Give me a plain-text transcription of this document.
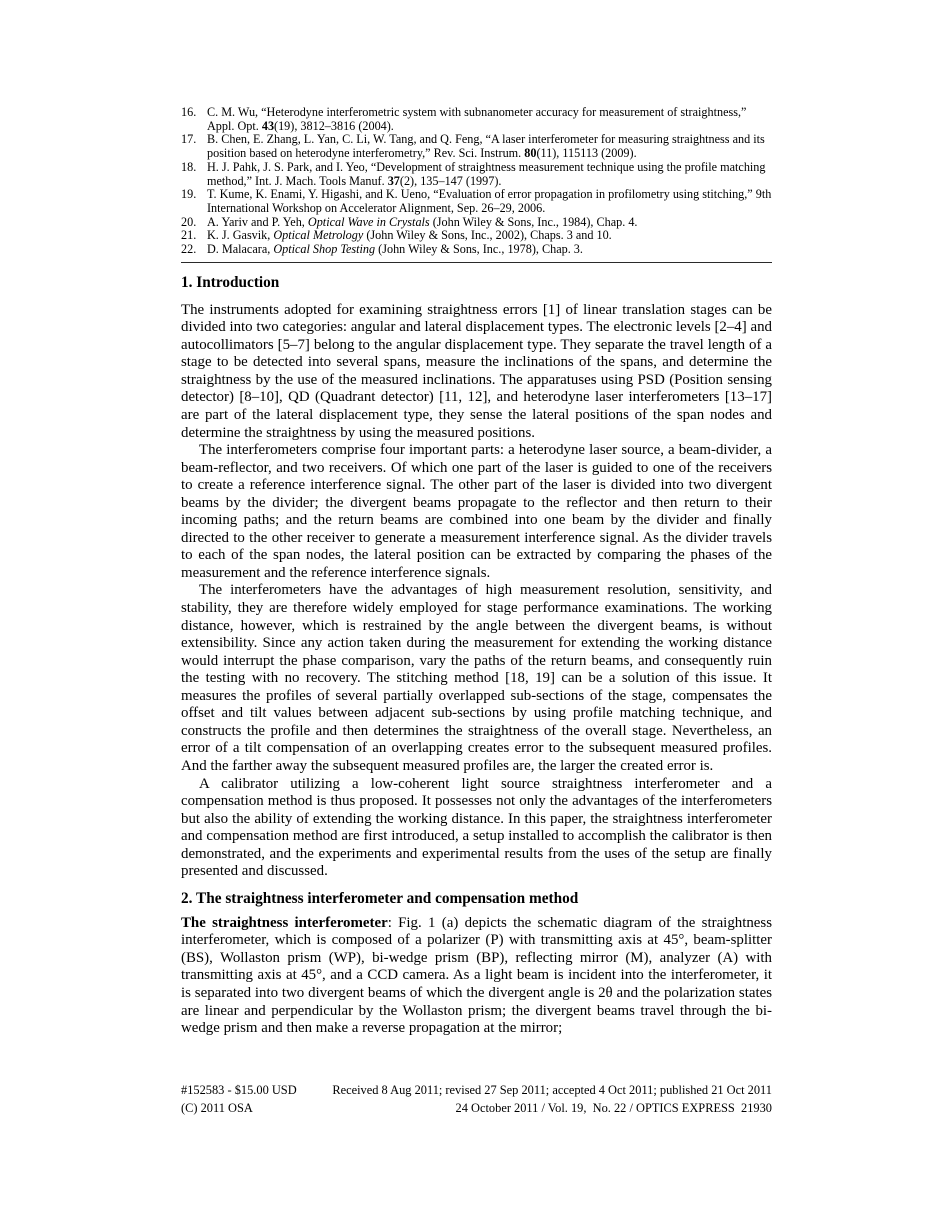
16. C. M. Wu, “Heterodyne interferometric system with subnanometer accuracy for measurement of straightness,” Appl. Opt. 43(19), 3812–3816 (2004).
17. B. Chen, E. Zhang, L. Yan, C. Li, W. Tang, and Q. Feng, “A laser interferometer for measuring straightness and its position based on heterodyne interferometry,” Rev. Sci. Instrum. 80(11), 115113 (2009).
18. H. J. Pahk, J. S. Park, and I. Yeo, “Development of straightness measurement technique using the profile matching method,” Int. J. Mach. Tools Manuf. 37(2), 135–147 (1997).
19. T. Kume, K. Enami, Y. Higashi, and K. Ueno, “Evaluation of error propagation in profilometry using stitching,” 9th International Workshop on Accelerator Alignment, Sep. 26–29, 2006.
20. A. Yariv and P. Yeh, Optical Wave in Crystals (John Wiley & Sons, Inc., 1984), Chap. 4.
21. K. J. Gasvik, Optical Metrology (John Wiley & Sons, Inc., 2002), Chaps. 3 and 10.
22. D. Malacara, Optical Shop Testing (John Wiley & Sons, Inc., 1978), Chap. 3.
1. Introduction

The instruments adopted for examining straightness errors [1] of linear translation stages can be divided into two categories: angular and lateral displacement types. The electronic levels [2–4] and autocollimators [5–7] belong to the angular displacement type. They separate the travel length of a stage to be detected into several spans, measure the inclinations of the spans, and determine the straightness by the use of the measured inclinations. The apparatuses using PSD (Position sensing detector) [8–10], QD (Quadrant detector) [11, 12], and heterodyne laser interferometers [13–17] are part of the lateral displacement type, they sense the lateral positions of the span nodes and determine the straightness by using the measured positions.

The interferometers comprise four important parts: a heterodyne laser source, a beam-divider, a beam-reflector, and two receivers. Of which one part of the laser is guided to one of the receivers to create a reference interference signal. The other part of the laser is divided into two divergent beams by the divider; the divergent beams propagate to the reflector and then return to their incoming paths; and the return beams are combined into one beam by the divider and finally directed to the other receiver to generate a measurement interference signal. As the divider travels to each of the span nodes, the lateral position can be extracted by comparing the phases of the measurement and the reference interference signals.

The interferometers have the advantages of high measurement resolution, sensitivity, and stability, they are therefore widely employed for stage performance examinations. The working distance, however, which is restrained by the angle between the divergent beams, is without extensibility. Since any action taken during the measurement for extending the working distance would interrupt the phase comparison, vary the paths of the return beams, and consequently ruin the testing with no recovery. The stitching method [18, 19] can be a solution of this issue. It measures the profiles of several partially overlapped sub-sections of the stage, compensates the offset and tilt values between adjacent sub-sections by using profile matching technique, and constructs the profile and then determines the straightness of the overall stage. Nevertheless, an error of a tilt compensation of an overlapping creates error to the subsequent measured profiles. And the farther away the subsequent measured profiles are, the larger the created error is.

A calibrator utilizing a low-coherent light source straightness interferometer and a compensation method is thus proposed. It possesses not only the advantages of the interferometers but also the ability of extending the working distance. In this paper, the straightness interferometer and compensation method are first introduced, a setup installed to accomplish the calibrator is then demonstrated, and the experiments and experimental results from the uses of the setup are finally presented and discussed.

2. The straightness interferometer and compensation method

The straightness interferometer: Fig. 1 (a) depicts the schematic diagram of the straightness interferometer, which is composed of a polarizer (P) with transmitting axis at 45°, beam-splitter (BS), Wollaston prism (WP), bi-wedge prism (BP), reflecting mirror (M), analyzer (A) with transmitting axis at 45°, and a CCD camera. As a light beam is incident into the interferometer, it is separated into two divergent beams of which the divergent angle is 2θ and the polarization states are linear and perpendicular by the Wollaston prism; the divergent beams travel through the bi-wedge prism and then make a reverse propagation at the mirror;

#152583 - $15.00 USD	Received 8 Aug 2011; revised 27 Sep 2011; accepted 4 Oct 2011; published 21 Oct 2011
(C) 2011 OSA	24 October 2011 / Vol. 19,  No. 22 / OPTICS EXPRESS  21930
